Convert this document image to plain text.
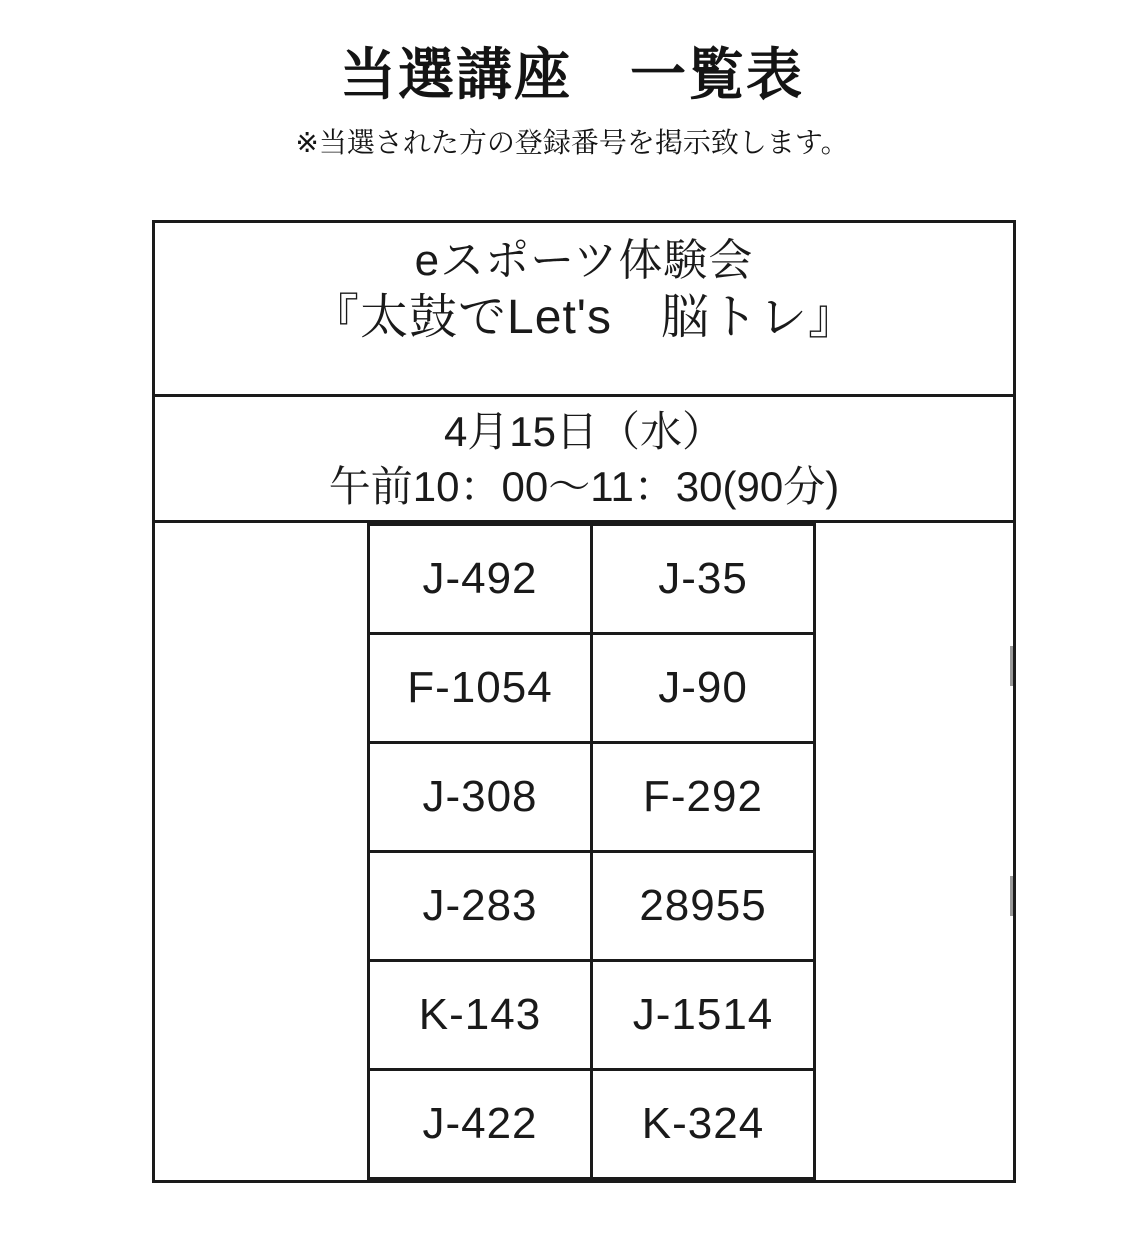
当選講座　一覧表
※当選された方の登録番号を掲示致します。
eスポーツ体験会
『太鼓でLet's　脳トレ』
4月15日（水）
午前10：00〜11：30(90分)
	J-492	J-35	
	F-1054	J-90	
	J-308	F-292	
	J-283	28955	
	K-143	J-1514	
	J-422	K-324	
